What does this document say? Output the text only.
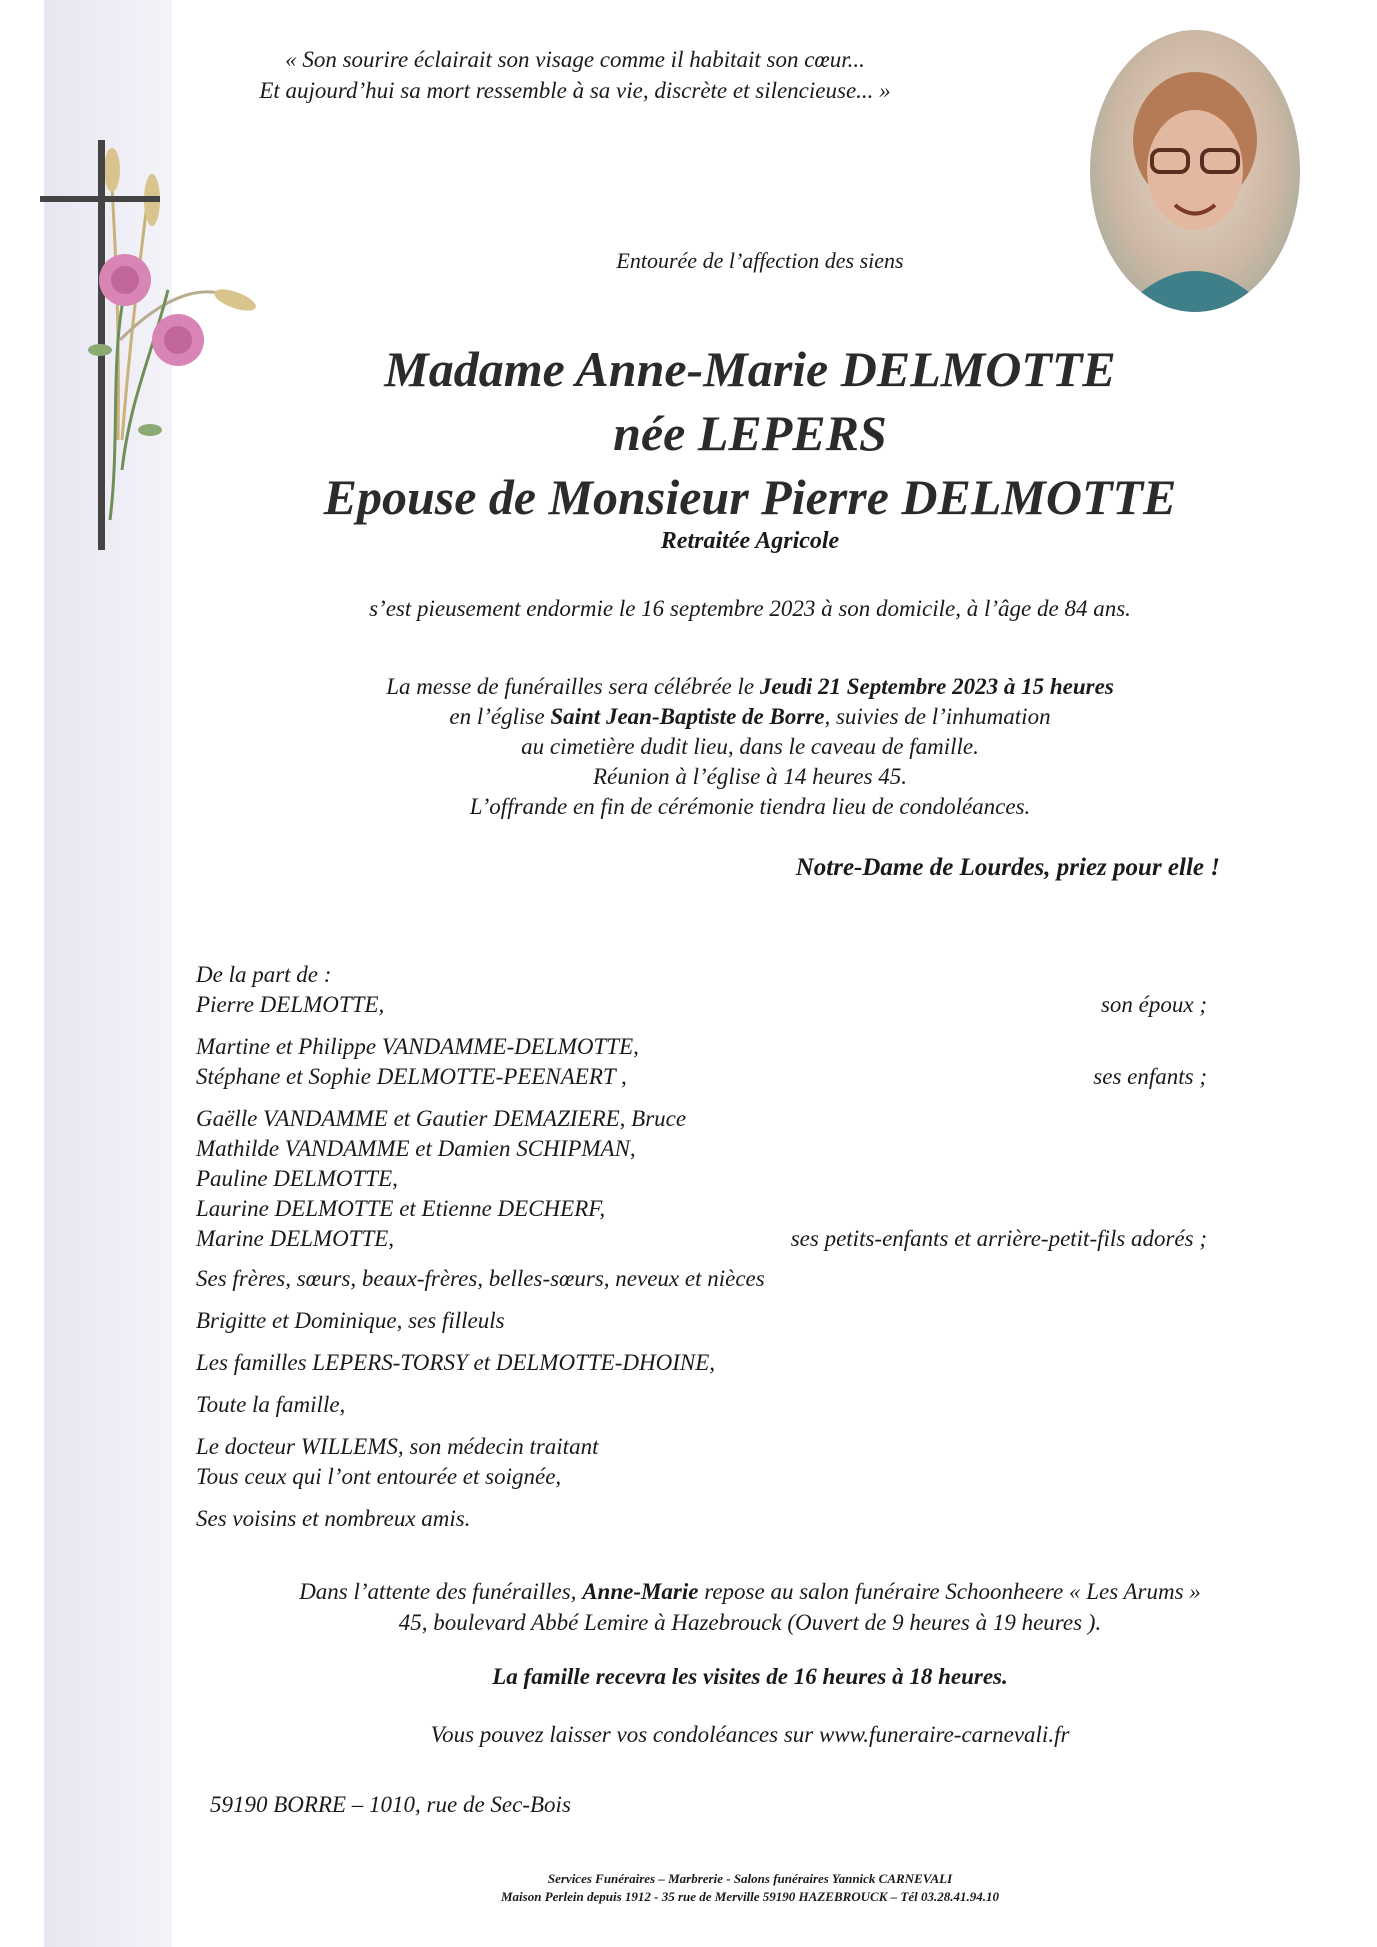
« Son sourire éclairait son visage comme il habitait son cœur...
Et aujourd’hui sa mort ressemble à sa vie, discrète et silencieuse... »

Entourée de l’affection des siens

Madame Anne-Marie DELMOTTE

née LEPERS

Epouse de Monsieur Pierre DELMOTTE

Retraitée Agricole

s’est pieusement endormie le 16 septembre 2023 à son domicile, à l’âge de 84 ans.

La messe de funérailles sera célébrée le Jeudi 21 Septembre 2023 à 15 heures
en l’église Saint Jean-Baptiste de Borre, suivies de l’inhumation
au cimetière dudit lieu, dans le caveau de famille.
Réunion à l’église à 14 heures 45.
L’offrande en fin de cérémonie tiendra lieu de condoléances.

Notre-Dame de Lourdes, priez pour elle !

De la part de :

Pierre DELMOTTE,	son époux ;

Martine et Philippe VANDAMME-DELMOTTE,

Stéphane et Sophie DELMOTTE-PEENAERT ,	ses enfants ;

Gaëlle VANDAMME et Gautier DEMAZIERE, Bruce

Mathilde VANDAMME et Damien SCHIPMAN,

Pauline DELMOTTE,

Laurine DELMOTTE et Etienne DECHERF,

Marine DELMOTTE,	ses petits-enfants et arrière-petit-fils adorés ;

Ses frères, sœurs, beaux-frères, belles-sœurs, neveux et nièces

Brigitte et Dominique, ses filleuls

Les familles LEPERS-TORSY et DELMOTTE-DHOINE,

Toute la famille,

Le docteur WILLEMS, son médecin traitant

Tous ceux qui l’ont entourée et soignée,

Ses voisins et nombreux amis.

Dans l’attente des funérailles, Anne-Marie repose au salon funéraire Schoonheere « Les Arums »
45, boulevard Abbé Lemire à Hazebrouck (Ouvert de 9 heures à 19 heures ).

La famille recevra les visites de 16 heures à 18 heures.

Vous pouvez laisser vos condoléances sur www.funeraire-carnevali.fr

59190 BORRE – 1010, rue de Sec-Bois

Services Funéraires – Marbrerie - Salons funéraires Yannick CARNEVALI
Maison Perlein depuis 1912 - 35 rue de Merville 59190 HAZEBROUCK – Tél 03.28.41.94.10
